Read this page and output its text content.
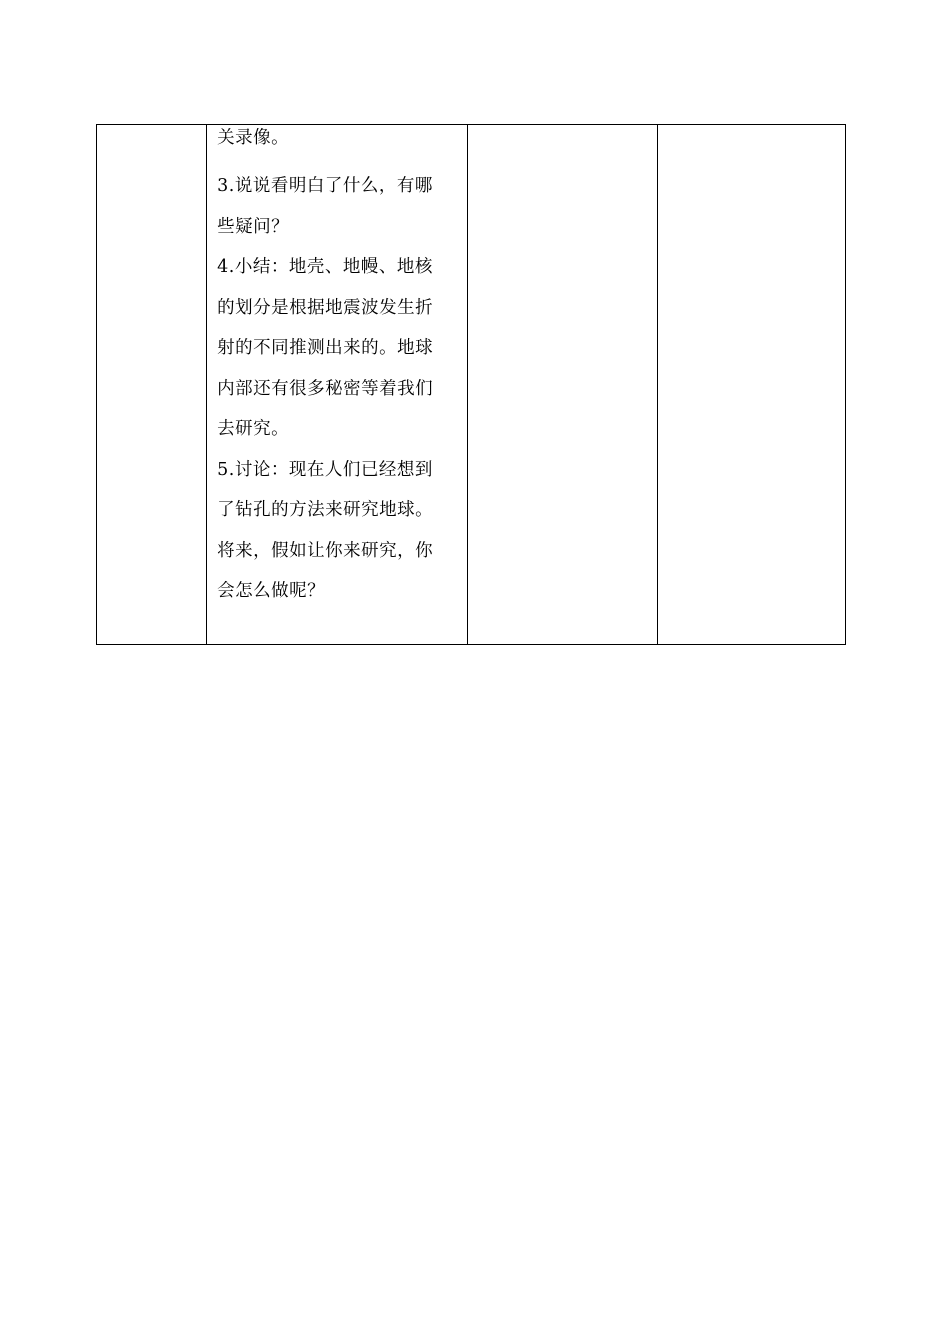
关录像。
3.说说看明白了什么，有哪
些疑问？
4.小结：地壳、地幔、地核
的划分是根据地震波发生折
射的不同推测出来的。地球
内部还有很多秘密等着我们
去研究。
5.讨论：现在人们已经想到
了钻孔的方法来研究地球。
将来，假如让你来研究，你
会怎么做呢？
